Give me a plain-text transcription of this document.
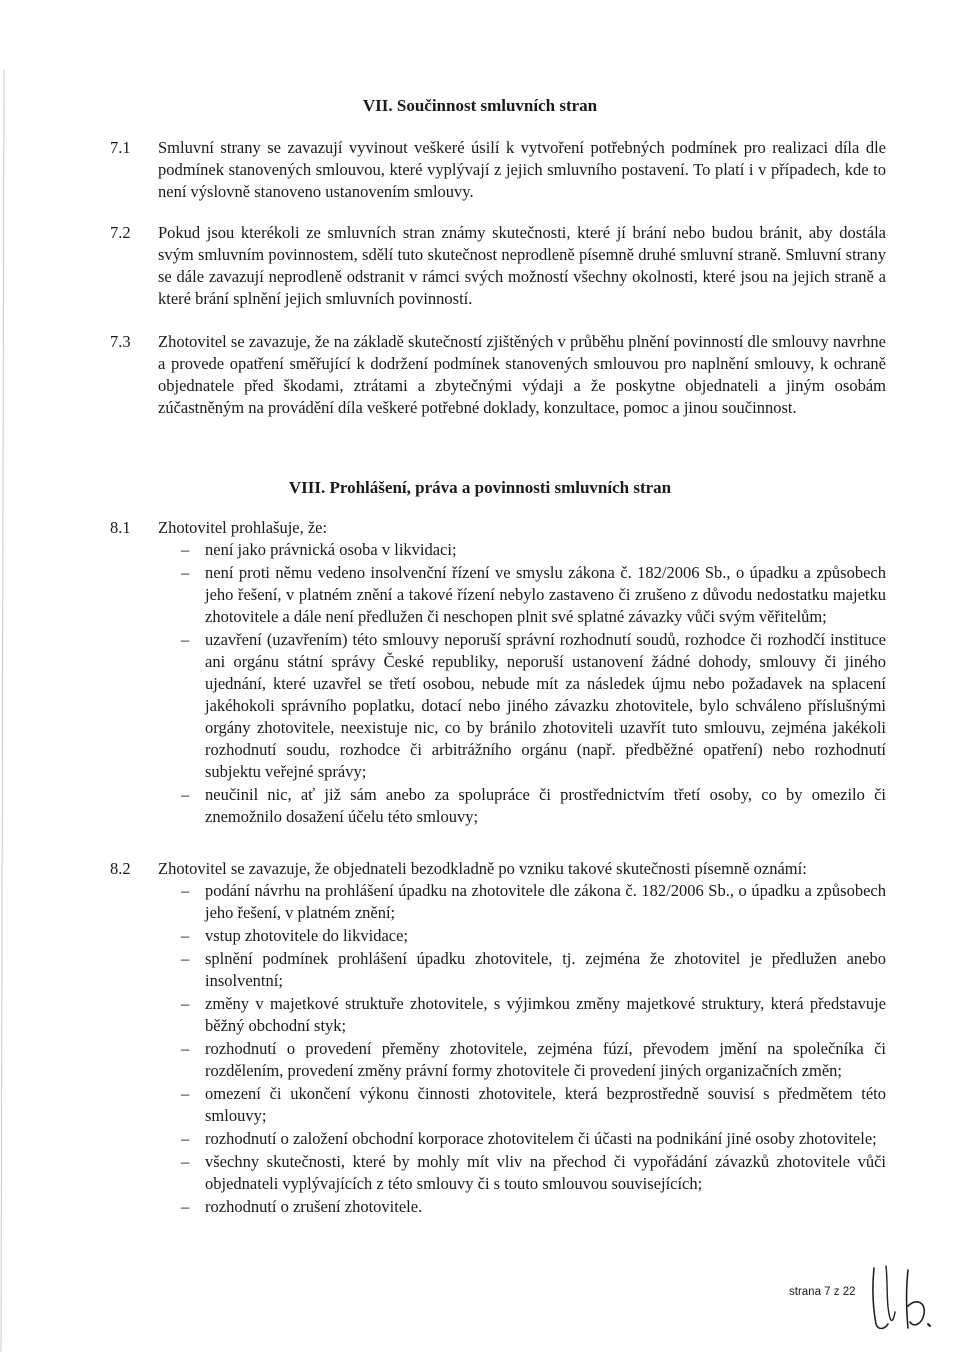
VII. Součinnost smluvních stran
7.1 Smluvní strany se zavazují vyvinout veškeré úsilí k vytvoření potřebných podmínek pro realizaci díla dle podmínek stanovených smlouvou, které vyplývají z jejich smluvního postavení. To platí i v případech, kde to není výslovně stanoveno ustanovením smlouvy.
7.2 Pokud jsou kterékoli ze smluvních stran známy skutečnosti, které jí brání nebo budou bránit, aby dostála svým smluvním povinnostem, sdělí tuto skutečnost neprodleně písemně druhé smluvní straně. Smluvní strany se dále zavazují neprodleně odstranit v rámci svých možností všechny okolnosti, které jsou na jejich straně a které brání splnění jejich smluvních povinností.
7.3 Zhotovitel se zavazuje, že na základě skutečností zjištěných v průběhu plnění povinností dle smlouvy navrhne a provede opatření směřující k dodržení podmínek stanovených smlouvou pro naplnění smlouvy, k ochraně objednatele před škodami, ztrátami a zbytečnými výdaji a že poskytne objednateli a jiným osobám zúčastněným na provádění díla veškeré potřebné doklady, konzultace, pomoc a jinou součinnost.
VIII. Prohlášení, práva a povinnosti smluvních stran
8.1 Zhotovitel prohlašuje, že:
– není jako právnická osoba v likvidaci;
– není proti němu vedeno insolvenční řízení ve smyslu zákona č. 182/2006 Sb., o úpadku a způsobech jeho řešení, v platném znění a takové řízení nebylo zastaveno či zrušeno z důvodu nedostatku majetku zhotovitele a dále není předlužen či neschopen plnit své splatné závazky vůči svým věřitelům;
– uzavření (uzavřením) této smlouvy neporuší správní rozhodnutí soudů, rozhodce či rozhodčí instituce ani orgánu státní správy České republiky, neporuší ustanovení žádné dohody, smlouvy či jiného ujednání, které uzavřel se třetí osobou, nebude mít za následek újmu nebo požadavek na splacení jakéhokoli správního poplatku, dotací nebo jiného závazku zhotovitele, bylo schváleno příslušnými orgány zhotovitele, neexistuje nic, co by bránilo zhotoviteli uzavřít tuto smlouvu, zejména jakékoli rozhodnutí soudu, rozhodce či arbitrážního orgánu (např. předběžné opatření) nebo rozhodnutí subjektu veřejné správy;
– neučinil nic, ať již sám anebo za spolupráce či prostřednictvím třetí osoby, co by omezilo či znemožnilo dosažení účelu této smlouvy;
8.2 Zhotovitel se zavazuje, že objednateli bezodkladně po vzniku takové skutečnosti písemně oznámí:
– podání návrhu na prohlášení úpadku na zhotovitele dle zákona č. 182/2006 Sb., o úpadku a způsobech jeho řešení, v platném znění;
– vstup zhotovitele do likvidace;
– splnění podmínek prohlášení úpadku zhotovitele, tj. zejména že zhotovitel je předlužen anebo insolventní;
– změny v majetkové struktuře zhotovitele, s výjimkou změny majetkové struktury, která představuje běžný obchodní styk;
– rozhodnutí o provedení přeměny zhotovitele, zejména fúzí, převodem jmění na společníka či rozdělením, provedení změny právní formy zhotovitele či provedení jiných organizačních změn;
– omezení či ukončení výkonu činnosti zhotovitele, která bezprostředně souvisí s předmětem této smlouvy;
– rozhodnutí o založení obchodní korporace zhotovitelem či účasti na podnikání jiné osoby zhotovitele;
– všechny skutečnosti, které by mohly mít vliv na přechod či vypořádání závazků zhotovitele vůči objednateli vyplývajících z této smlouvy či s touto smlouvou souvisejících;
– rozhodnutí o zrušení zhotovitele.
strana 7 z 22
